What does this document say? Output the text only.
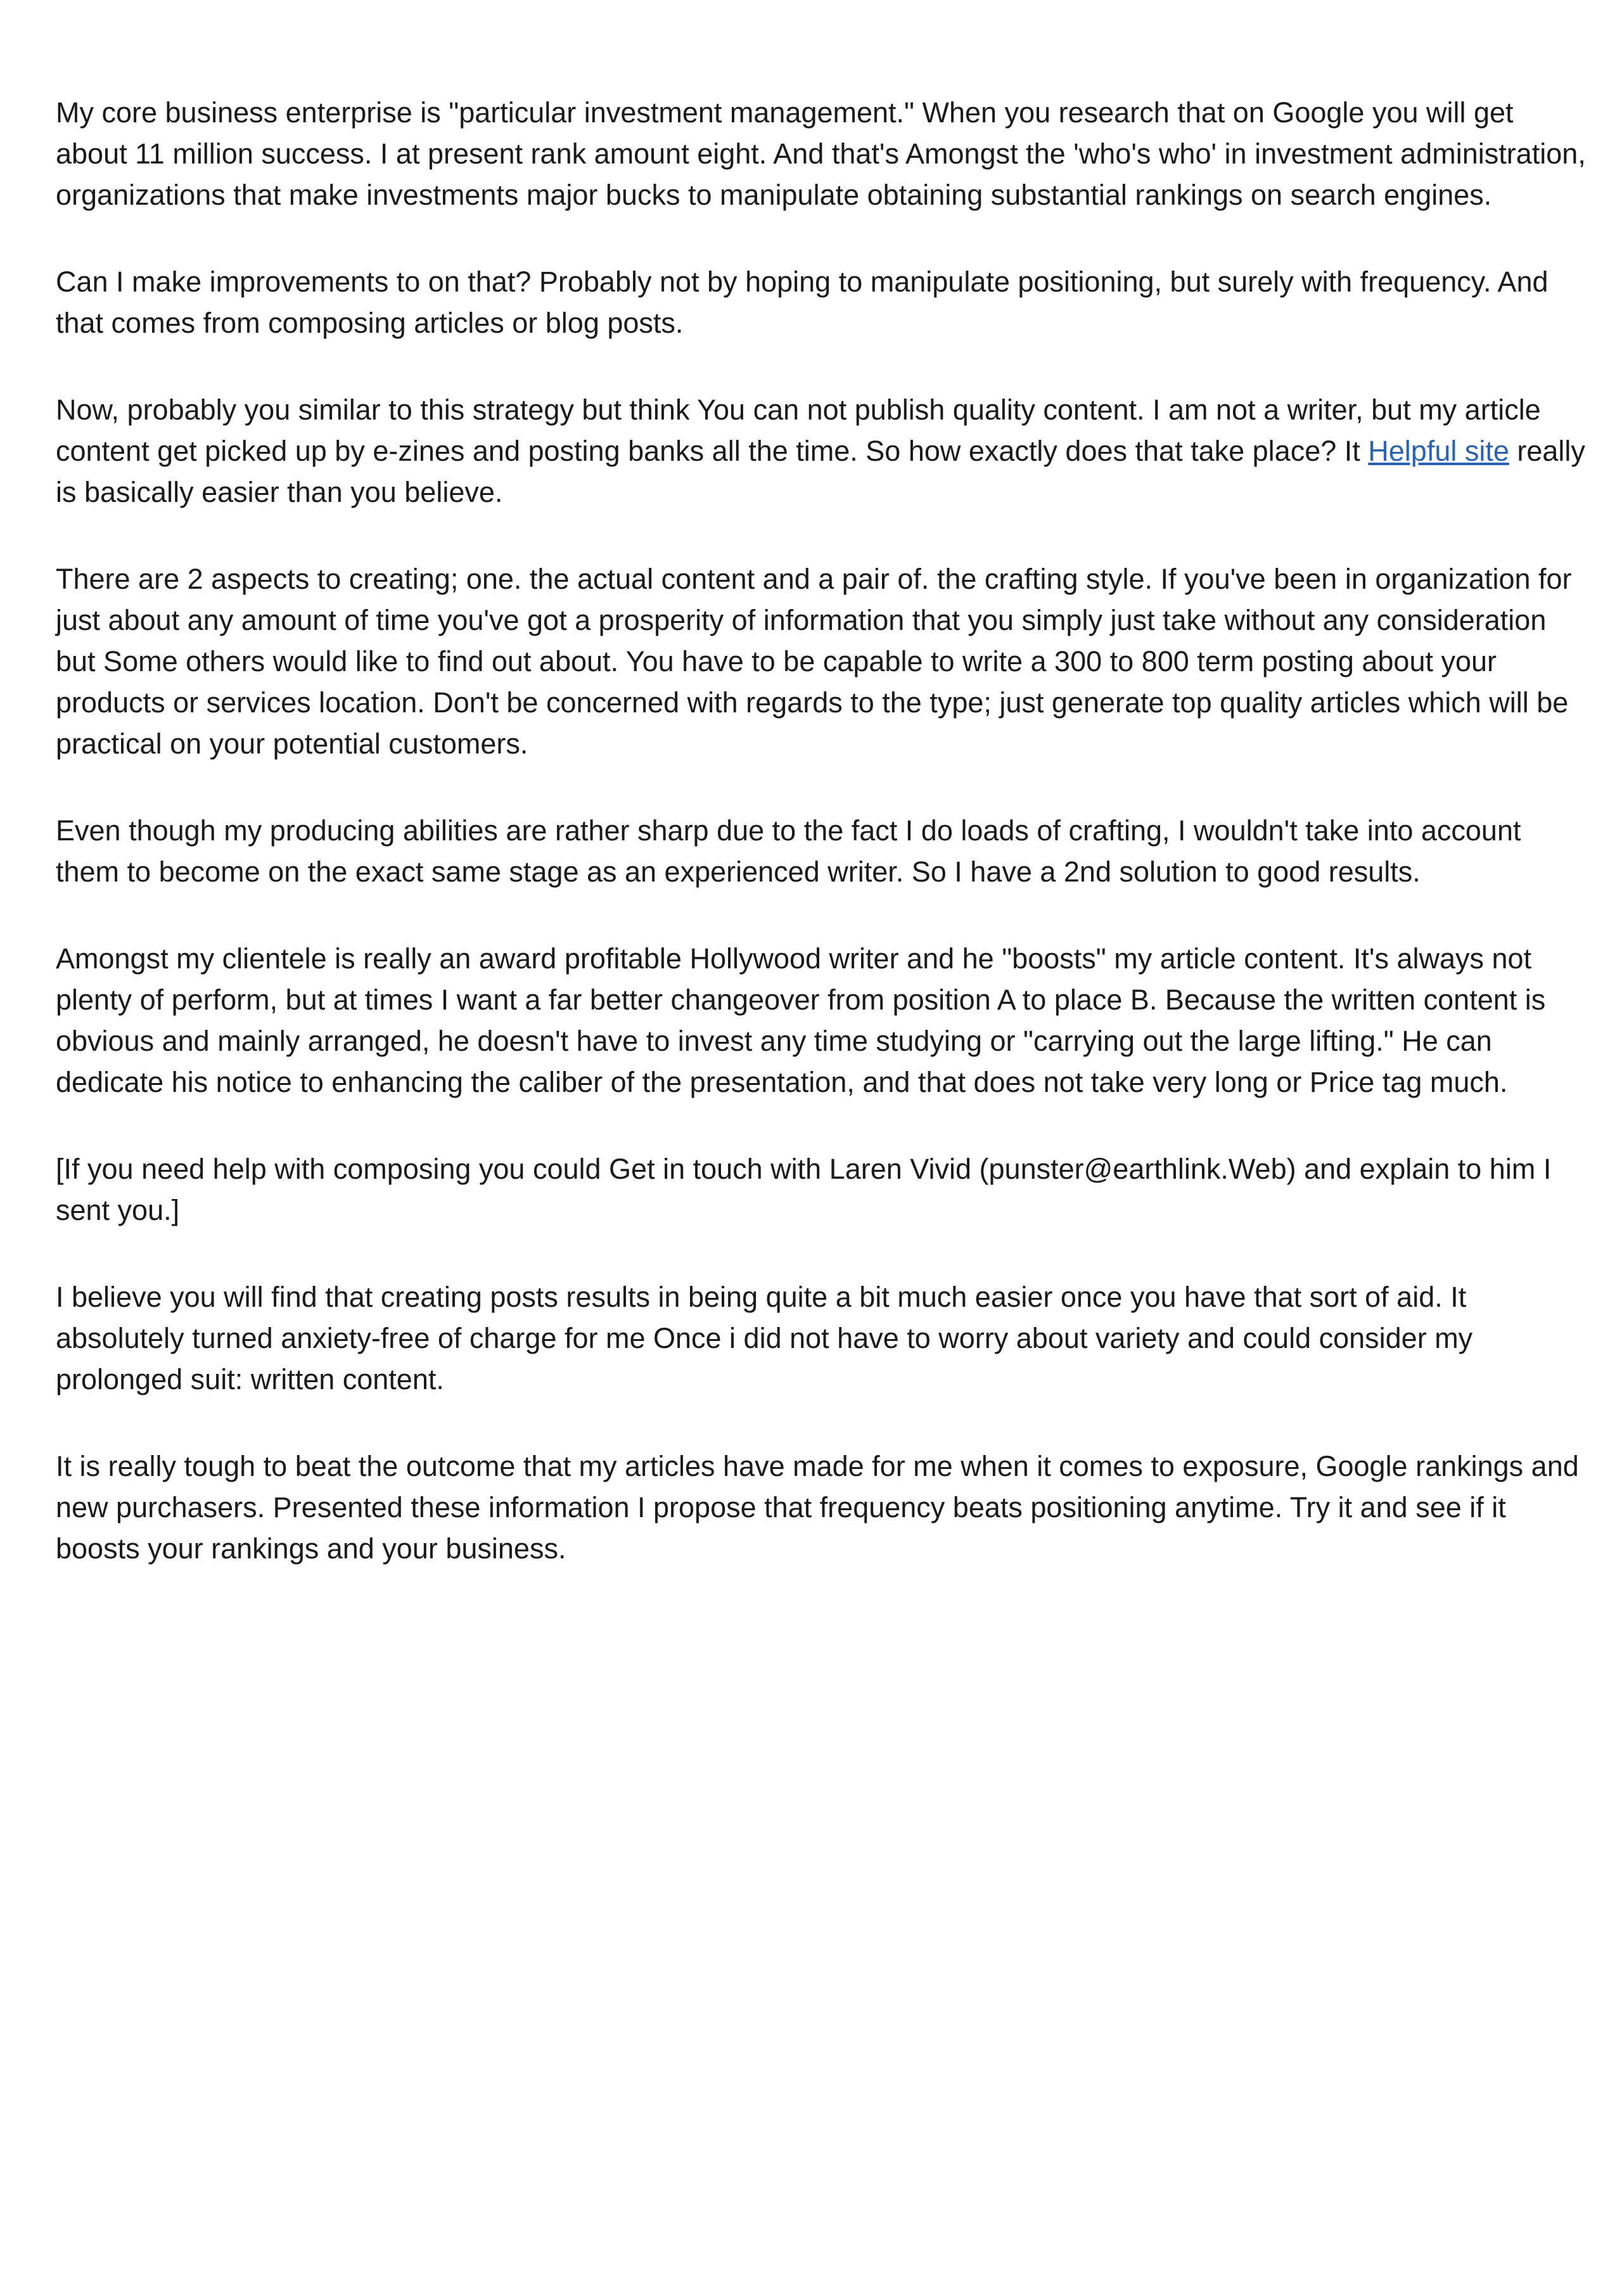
My core business enterprise is "particular investment management." When you research that on Google you will get about 11 million success. I at present rank amount eight. And that's Amongst the 'who's who' in investment administration, organizations that make investments major bucks to manipulate obtaining substantial rankings on search engines.

Can I make improvements to on that? Probably not by hoping to manipulate positioning, but surely with frequency. And that comes from composing articles or blog posts.

Now, probably you similar to this strategy but think You can not publish quality content. I am not a writer, but my article content get picked up by e-zines and posting banks all the time. So how exactly does that take place? It Helpful site really is basically easier than you believe.

There are 2 aspects to creating; one. the actual content and a pair of. the crafting style. If you've been in organization for just about any amount of time you've got a prosperity of information that you simply just take without any consideration but Some others would like to find out about. You have to be capable to write a 300 to 800 term posting about your products or services location. Don't be concerned with regards to the type; just generate top quality articles which will be practical on your potential customers.

Even though my producing abilities are rather sharp due to the fact I do loads of crafting, I wouldn't take into account them to become on the exact same stage as an experienced writer. So I have a 2nd solution to good results.

Amongst my clientele is really an award profitable Hollywood writer and he "boosts" my article content. It's always not plenty of perform, but at times I want a far better changeover from position A to place B. Because the written content is obvious and mainly arranged, he doesn't have to invest any time studying or "carrying out the large lifting." He can dedicate his notice to enhancing the caliber of the presentation, and that does not take very long or Price tag much.

[If you need help with composing you could Get in touch with Laren Vivid (punster@earthlink.Web) and explain to him I sent you.]

I believe you will find that creating posts results in being quite a bit much easier once you have that sort of aid. It absolutely turned anxiety-free of charge for me Once i did not have to worry about variety and could consider my prolonged suit: written content.

It is really tough to beat the outcome that my articles have made for me when it comes to exposure, Google rankings and new purchasers. Presented these information I propose that frequency beats positioning anytime. Try it and see if it boosts your rankings and your business.
